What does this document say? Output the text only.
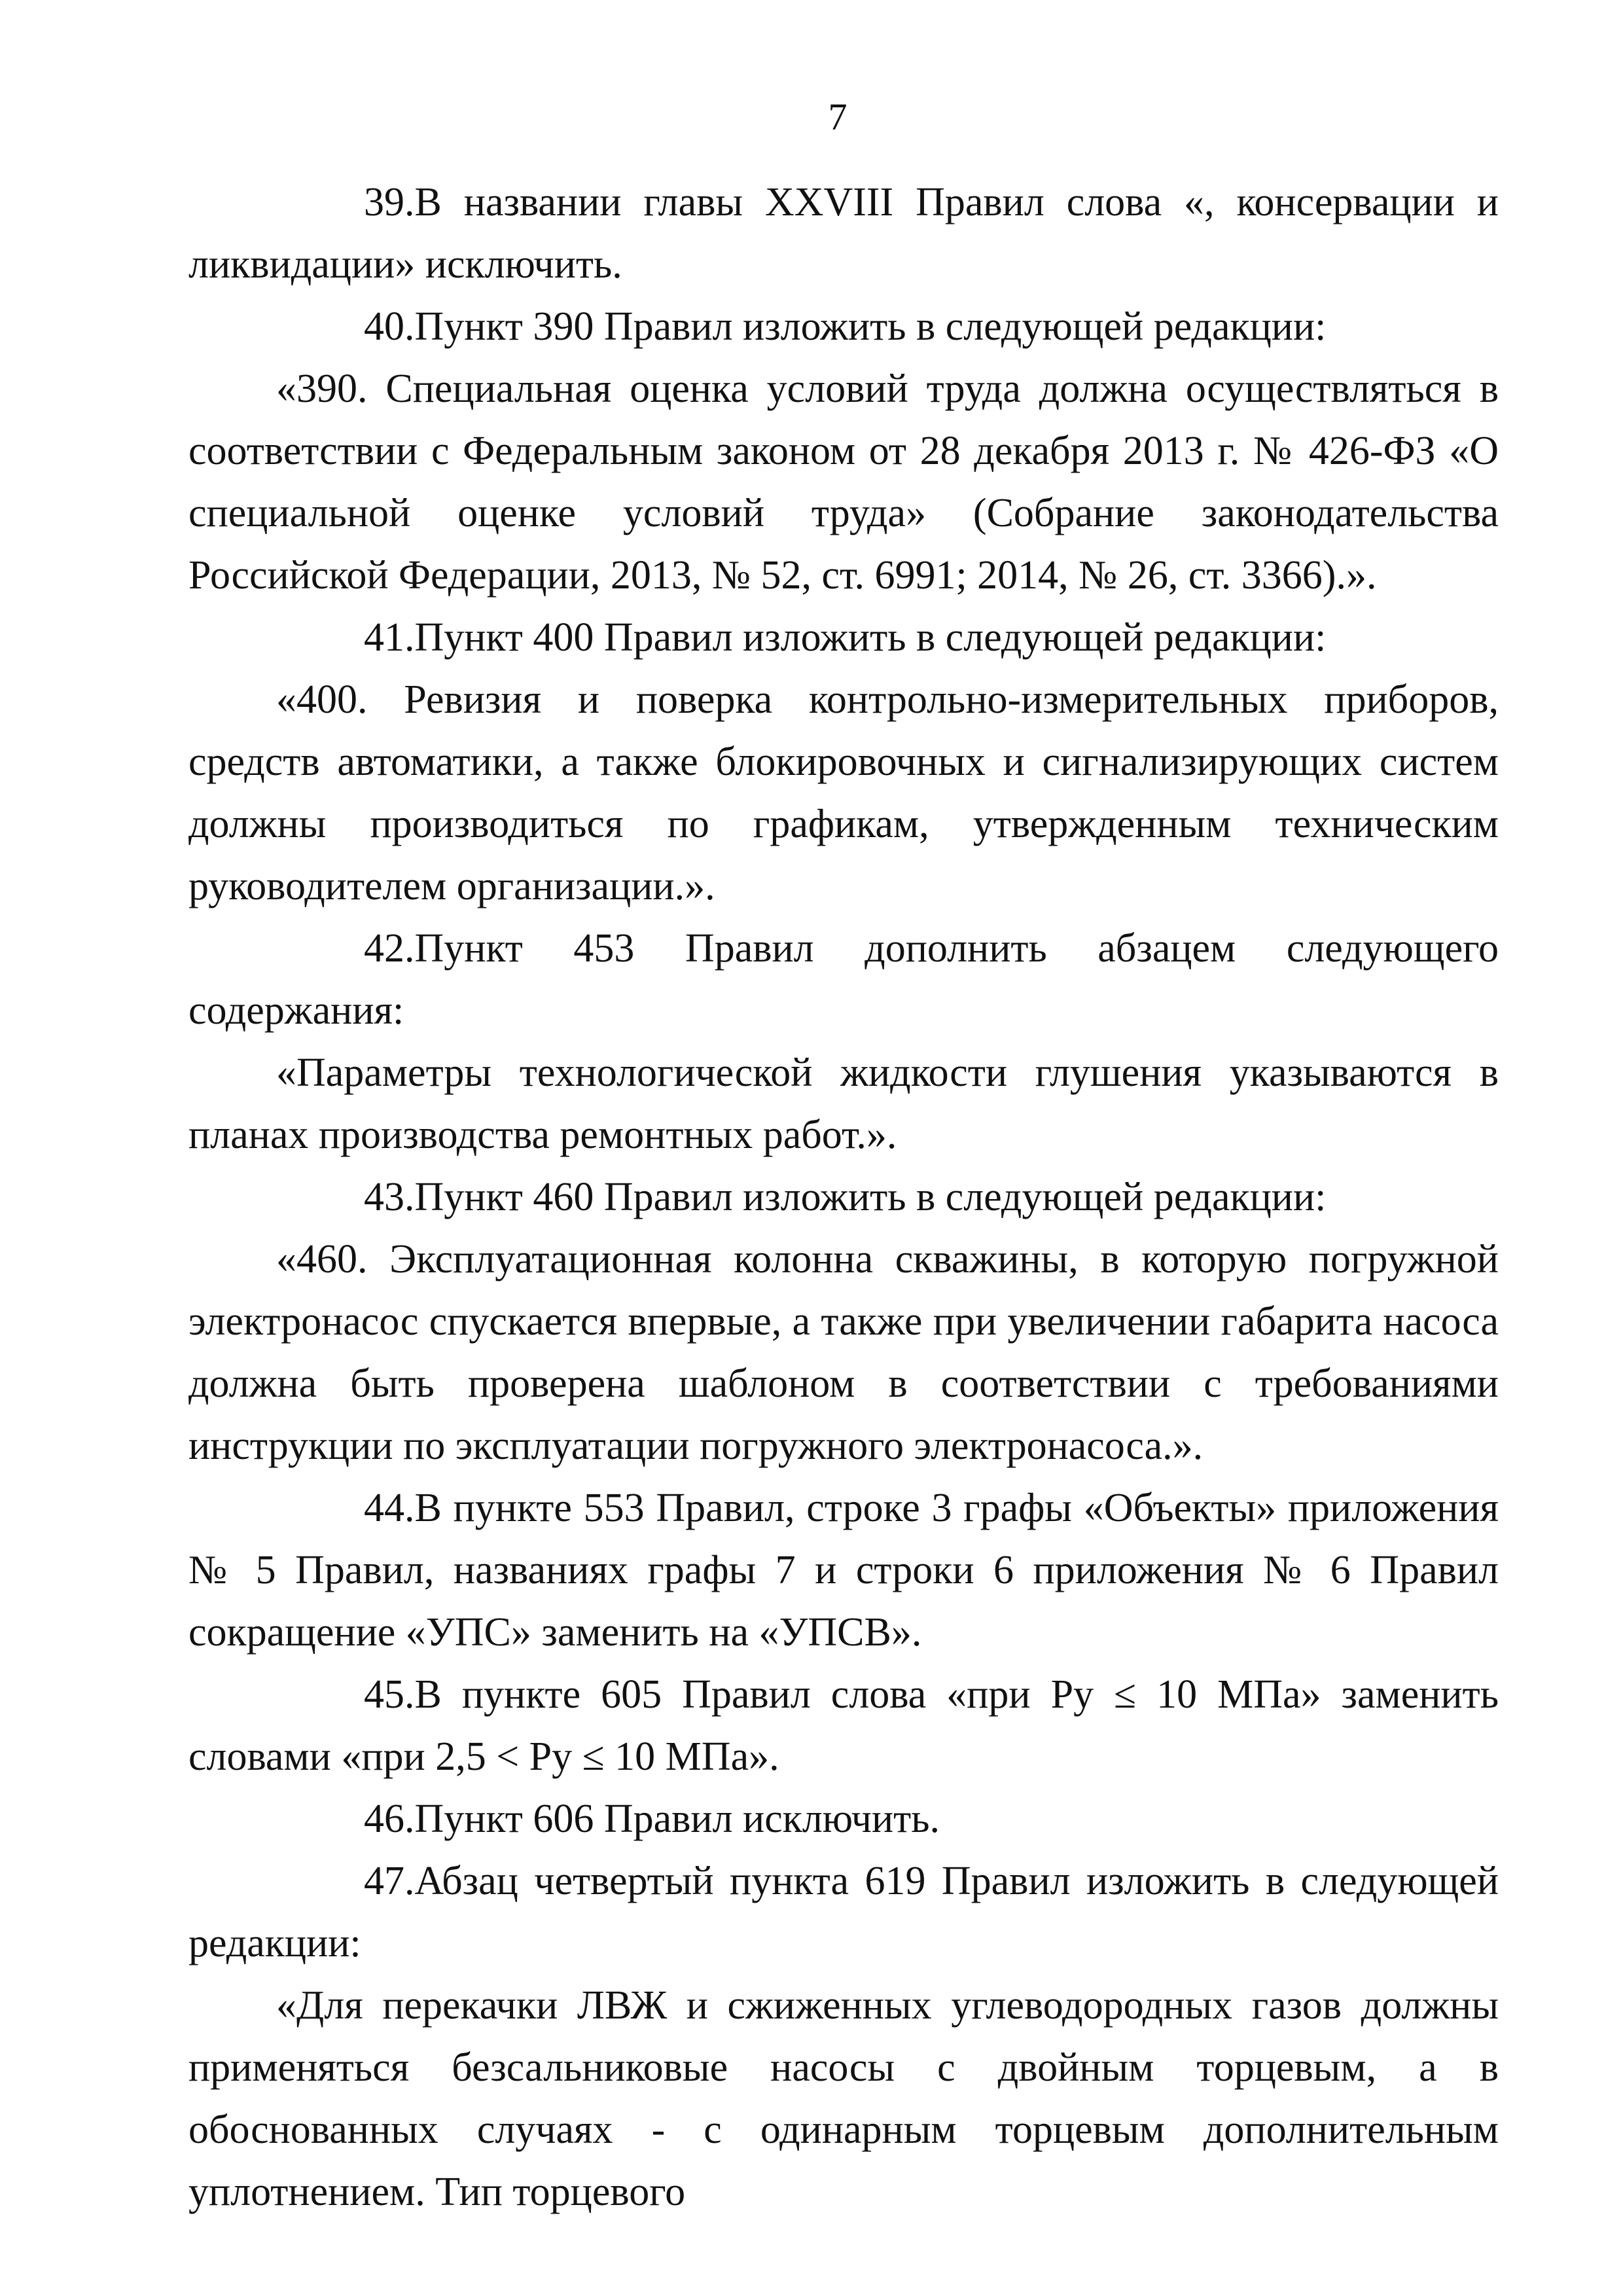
7

39.В названии главы XXVIII Правил слова «, консервации и ликвидации» исключить.

40.Пункт 390 Правил изложить в следующей редакции:

«390. Специальная оценка условий труда должна осуществляться в соответствии с Федеральным законом от 28 декабря 2013 г. № 426-ФЗ «О специальной оценке условий труда» (Собрание законодательства Российской Федерации, 2013, № 52, ст. 6991; 2014, № 26, ст. 3366).».

41.Пункт 400 Правил изложить в следующей редакции:

«400. Ревизия и поверка контрольно-измерительных приборов, средств автоматики, а также блокировочных и сигнализирующих систем должны производиться по графикам, утвержденным техническим руководителем организации.».

42.Пункт 453 Правил дополнить абзацем следующего содержания:

«Параметры технологической жидкости глушения указываются в планах производства ремонтных работ.».

43.Пункт 460 Правил изложить в следующей редакции:

«460. Эксплуатационная колонна скважины, в которую погружной электронасос спускается впервые, а также при увеличении габарита насоса должна быть проверена шаблоном в соответствии с требованиями инструкции по эксплуатации погружного электронасоса.».

44.В пункте 553 Правил, строке 3 графы «Объекты» приложения № 5 Правил, названиях графы 7 и строки 6 приложения № 6 Правил сокращение «УПС» заменить на «УПСВ».

45.В пункте 605 Правил слова «при Ру ≤ 10 МПа» заменить словами «при 2,5 < Ру ≤ 10 МПа».

46.Пункт 606 Правил исключить.

47.Абзац четвертый пункта 619 Правил изложить в следующей редакции:

«Для перекачки ЛВЖ и сжиженных углеводородных газов должны применяться безсальниковые насосы с двойным торцевым, а в обоснованных случаях - с одинарным торцевым дополнительным уплотнением. Тип торцевого
